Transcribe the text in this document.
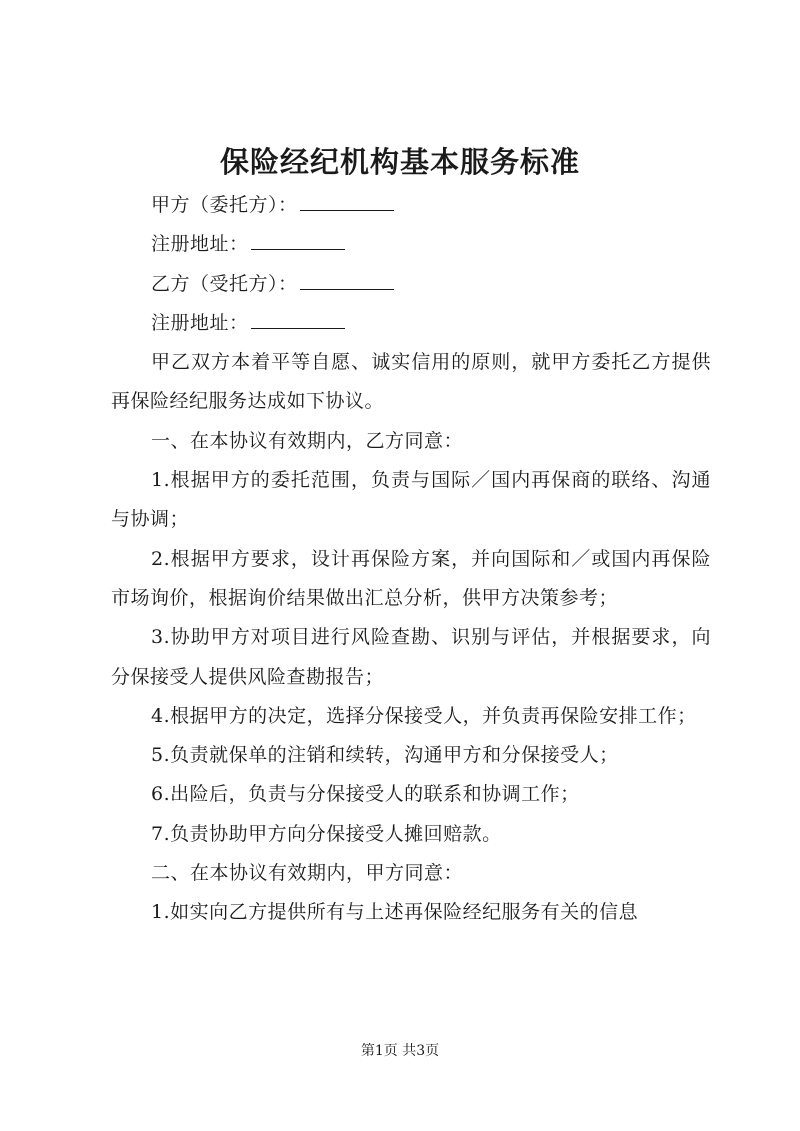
保险经纪机构基本服务标准

甲方（委托方）：

注册地址：

乙方（受托方）：

注册地址：

甲乙双方本着平等自愿、诚实信用的原则，就甲方委托乙方提供再保险经纪服务达成如下协议。

一、在本协议有效期内，乙方同意：

1.根据甲方的委托范围，负责与国际／国内再保商的联络、沟通与协调；

2.根据甲方要求，设计再保险方案，并向国际和／或国内再保险市场询价，根据询价结果做出汇总分析，供甲方决策参考；

3.协助甲方对项目进行风险查勘、识别与评估，并根据要求，向分保接受人提供风险查勘报告；

4.根据甲方的决定，选择分保接受人，并负责再保险安排工作；

5.负责就保单的注销和续转，沟通甲方和分保接受人；

6.出险后，负责与分保接受人的联系和协调工作；

7.负责协助甲方向分保接受人摊回赔款。

二、在本协议有效期内，甲方同意：

1.如实向乙方提供所有与上述再保险经纪服务有关的信息

第1页 共3页
